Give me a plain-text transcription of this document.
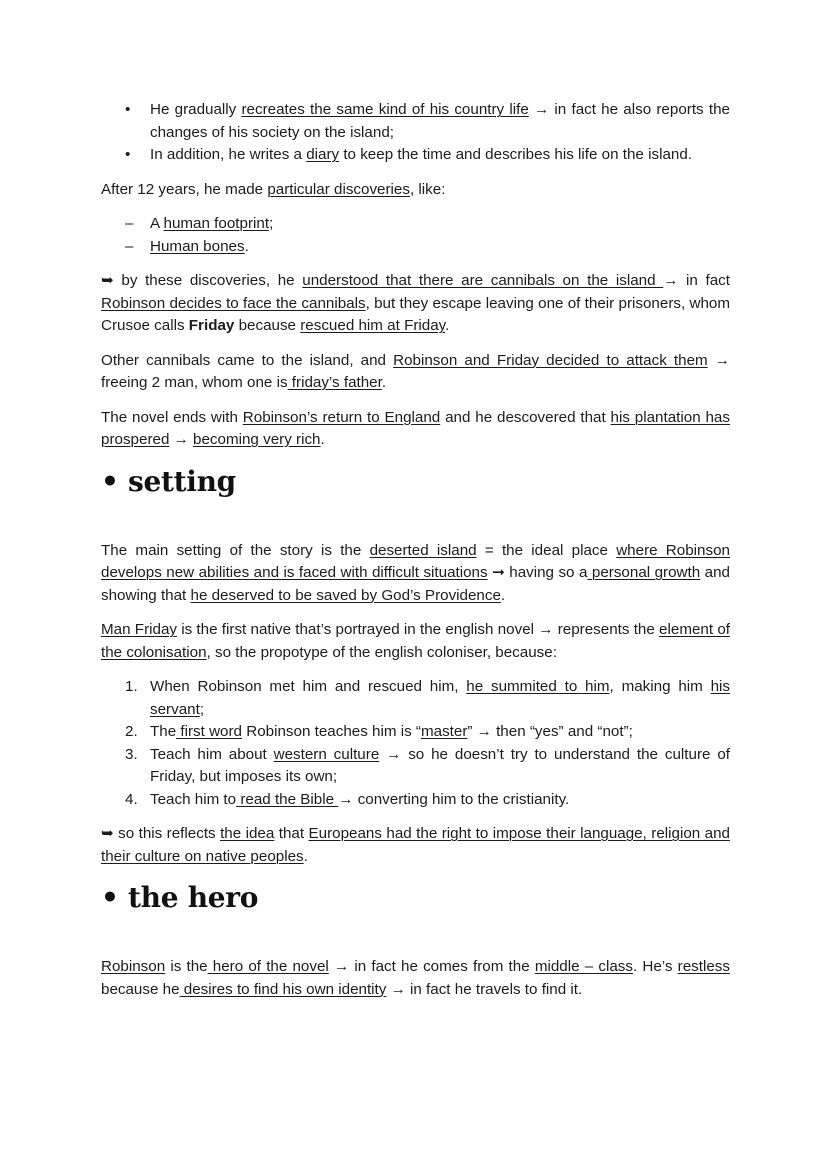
• He gradually recreates the same kind of his country life → in fact he also reports the changes of his society on the island;
• In addition, he writes a diary to keep the time and describes his life on the island.

After 12 years, he made particular discoveries, like:

– A human footprint;
– Human bones.

➥ by these discoveries, he understood that there are cannibals on the island → in fact Robinson decides to face the cannibals, but they escape leaving one of their prisoners, whom Crusoe calls Friday because rescued him at Friday.

Other cannibals came to the island, and Robinson and Friday decided to attack them → freeing 2 man, whom one is friday’s father.

The novel ends with Robinson’s return to England and he descovered that his plantation has prospered → becoming very rich.

• setting

The main setting of the story is the deserted island = the ideal place where Robinson develops new abilities and is faced with difficult situations ➞ having so a personal growth and showing that he deserved to be saved by God’s Providence.

Man Friday is the first native that’s portrayed in the english novel → represents the element of the colonisation, so the propotype of the english coloniser, because:

1. When Robinson met him and rescued him, he summited to him, making him his servant;
2. The first word Robinson teaches him is “master” → then “yes” and “not”;
3. Teach him about western culture → so he doesn’t try to understand the culture of Friday, but imposes its own;
4. Teach him to read the Bible → converting him to the cristianity.

➥ so this reflects the idea that Europeans had the right to impose their language, religion and their culture on native peoples.

• the hero

Robinson is the hero of the novel → in fact he comes from the middle – class. He’s restless because he desires to find his own identity → in fact he travels to find it.
